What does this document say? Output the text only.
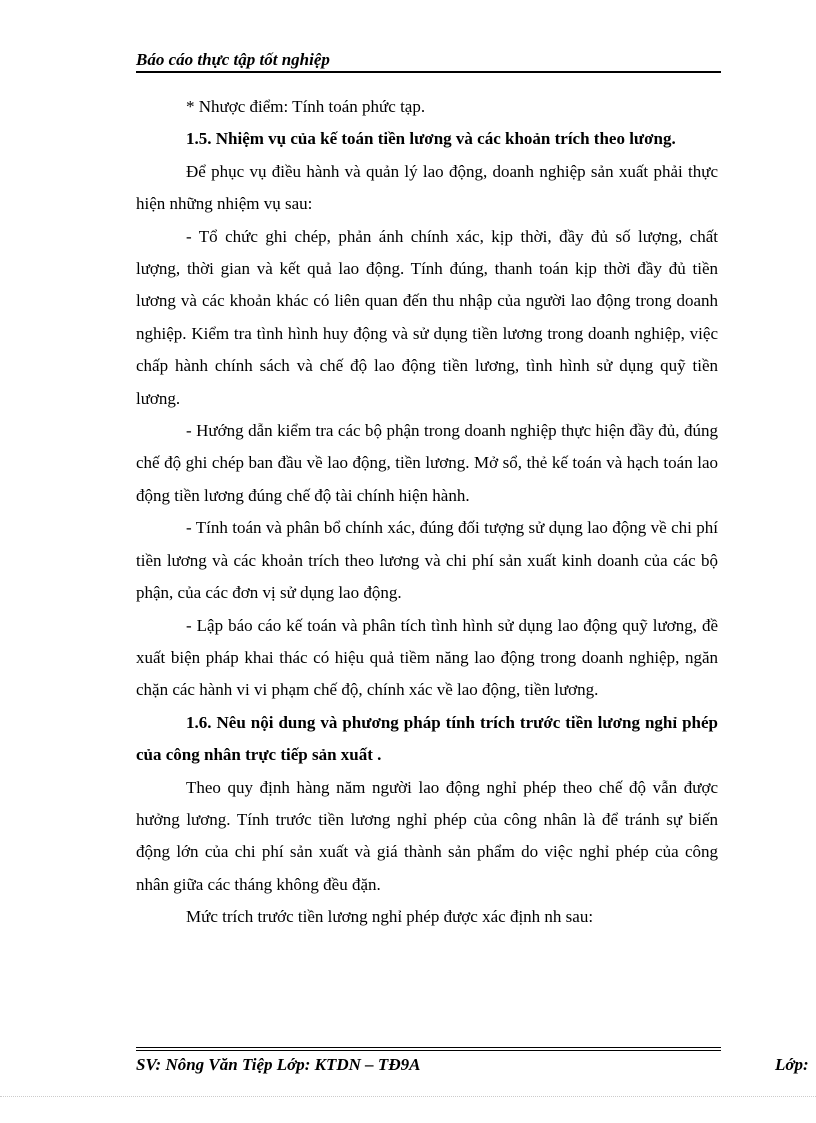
Báo cáo thực tập tốt nghiệp

* Nhược điểm: Tính toán phức tạp.

1.5. Nhiệm vụ của kế toán tiền lương và các khoản trích theo lương.

Để phục vụ điều hành và quản lý lao động, doanh nghiệp sản xuất phải thực hiện những nhiệm vụ sau:

- Tổ chức ghi chép, phản ánh chính xác, kịp thời, đầy đủ số lượng, chất lượng, thời gian và kết quả lao động. Tính đúng, thanh toán kịp thời đầy đủ tiền lương và các khoản khác có liên quan đến thu nhập của người lao động trong doanh nghiệp. Kiểm tra tình hình huy động và sử dụng tiền lương trong doanh nghiệp, việc chấp hành chính sách và chế độ lao động tiền lương, tình hình sử dụng quỹ tiền lương.

- Hướng dẫn kiểm tra các bộ phận trong doanh nghiệp thực hiện đầy đủ, đúng chế độ ghi chép ban đầu về lao động, tiền lương. Mở sổ, thẻ kế toán và hạch toán lao động tiền lương đúng chế độ tài chính hiện hành.

- Tính toán và phân bổ chính xác, đúng đối tượng sử dụng lao động về chi phí tiền lương và các khoản trích theo lương và chi phí sản xuất kinh doanh của các bộ phận, của các đơn vị sử dụng lao động.

- Lập báo cáo kế toán và phân tích tình hình sử dụng lao động quỹ lương, đề xuất biện pháp khai thác có hiệu quả tiềm năng lao động trong doanh nghiệp, ngăn chặn các hành vi vi phạm chế độ, chính xác về lao động, tiền lương.

1.6. Nêu nội dung và phương pháp tính trích trước tiền lương nghỉ phép của công nhân trực tiếp sản xuất .

Theo quy định hàng năm người lao động nghỉ phép theo chế độ vẫn được hưởng lương. Tính trước tiền lương nghỉ phép của công nhân là để tránh sự biến động lớn của chi phí sản xuất và giá thành sản phẩm do việc nghỉ phép của công nhân giữa các tháng không đều đặn.

Mức trích trước tiền lương nghỉ phép được xác định nh sau:

SV: Nông Văn Tiệp Lớp: KTDN – TĐ9A	Lớp:
